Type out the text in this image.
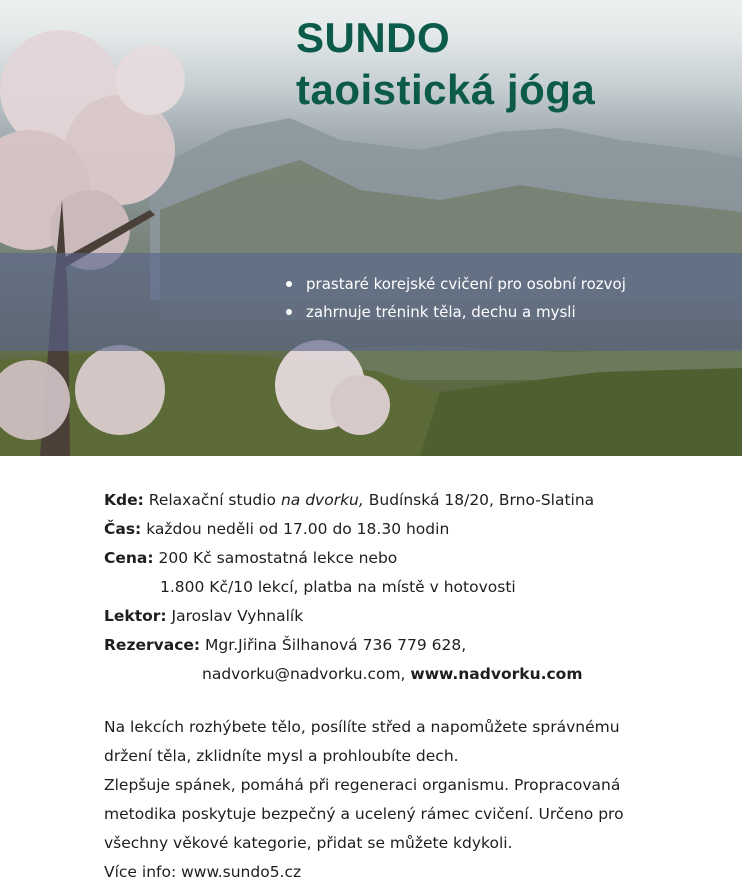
SUNDO
taoistická jóga
prastaré korejské cvičení pro osobní rozvoj
zahrnuje trénink těla, dechu a mysli
Kde: Relaxační studio na dvorku, Budínská 18/20, Brno-Slatina
Čas: každou neděli od 17.00 do 18.30 hodin
Cena: 200 Kč samostatná lekce nebo
1.800 Kč/10 lekcí, platba na místě v hotovosti
Lektor: Jaroslav Vyhnalík
Rezervace: Mgr.Jiřina Šilhanová 736 779 628,
nadvorku@nadvorku.com, www.nadvorku.com
Na lekcích rozhýbete tělo, posílíte střed a napomůžete správnému
držení těla, zklidníte mysl a prohloubíte dech.
Zlepšuje spánek, pomáhá při regeneraci organismu. Propracovaná
metodika poskytuje bezpečný a ucelený rámec cvičení. Určeno pro
všechny věkové kategorie, přidat se můžete kdykoli.
Více info: www.sundo5.cz
